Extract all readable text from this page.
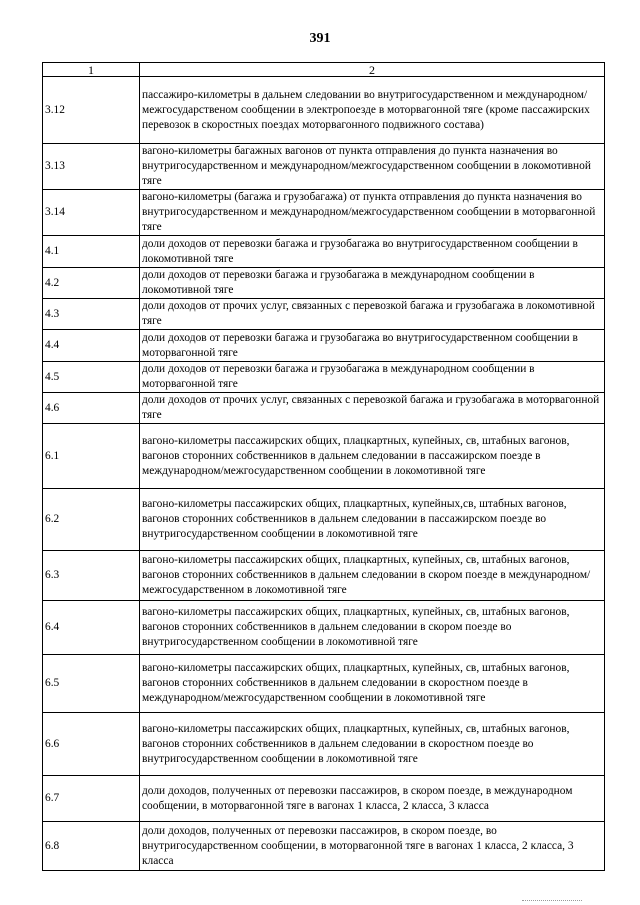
391
1	2
3.12	пассажиро-километры в дальнем следовании во внутригосударственном и международном/межгосударственом сообщении в электропоезде в моторвагонной тяге (кроме пассажирских перевозок в скоростных поездах моторвагонного подвижного состава)
3.13	вагоно-километры багажных вагонов от пункта отправления до пункта назначения во внутригосударственном и международном/межгосударственном сообщении в локомотивной тяге
3.14	вагоно-километры (багажа и грузобагажа) от пункта отправления до пункта назначения во внутригосударственном и международном/межгосударственном сообщении в моторвагонной тяге
4.1	доли доходов от перевозки багажа и грузобагажа во внутригосударственном сообщении в локомотивной тяге
4.2	доли доходов от перевозки багажа и грузобагажа в международном сообщении в локомотивной тяге
4.3	доли доходов от прочих услуг, связанных с перевозкой багажа и грузобагажа в локомотивной тяге
4.4	доли доходов от перевозки багажа и грузобагажа во внутригосударственном сообщении в моторвагонной тяге
4.5	доли доходов от перевозки багажа и грузобагажа в международном сообщении в моторвагонной тяге
4.6	доли доходов от прочих услуг, связанных с перевозкой багажа и грузобагажа в моторвагонной тяге
6.1	вагоно-километры пассажирских общих, плацкартных, купейных, св, штабных вагонов, вагонов сторонних собственников в дальнем следовании в пассажирском поезде в международном/межгосударственном сообщении в локомотивной тяге
6.2	вагоно-километры пассажирских общих, плацкартных, купейных,св, штабных вагонов, вагонов сторонних собственников в дальнем следовании в пассажирском поезде во внутригосударственном сообщении в локомотивной тяге
6.3	вагоно-километры пассажирских общих, плацкартных, купейных, св, штабных вагонов, вагонов сторонних собственников в дальнем следовании в скором поезде в международном/межгосударственном в локомотивной тяге
6.4	вагоно-километры пассажирских общих, плацкартных, купейных, св, штабных вагонов, вагонов сторонних собственников в дальнем следовании в скором поезде во внутригосударственном сообщении в локомотивной тяге
6.5	вагоно-километры пассажирских общих, плацкартных, купейных, св, штабных вагонов, вагонов сторонних собственников в дальнем следовании в скоростном поезде в международном/межгосударственном сообщении в локомотивной тяге
6.6	вагоно-километры пассажирских общих, плацкартных, купейных, св, штабных вагонов, вагонов сторонних собственников в дальнем следовании в скоростном поезде во внутригосударственном сообщении в локомотивной тяге
6.7	доли доходов, полученных от перевозки пассажиров, в скором поезде, в международном сообщении, в моторвагонной тяге в вагонах 1 класса, 2 класса, 3 класса
6.8	доли доходов, полученных от перевозки пассажиров, в скором поезде, во внутригосударственном сообщении, в моторвагонной тяге в вагонах 1 класса, 2 класса, 3 класса
